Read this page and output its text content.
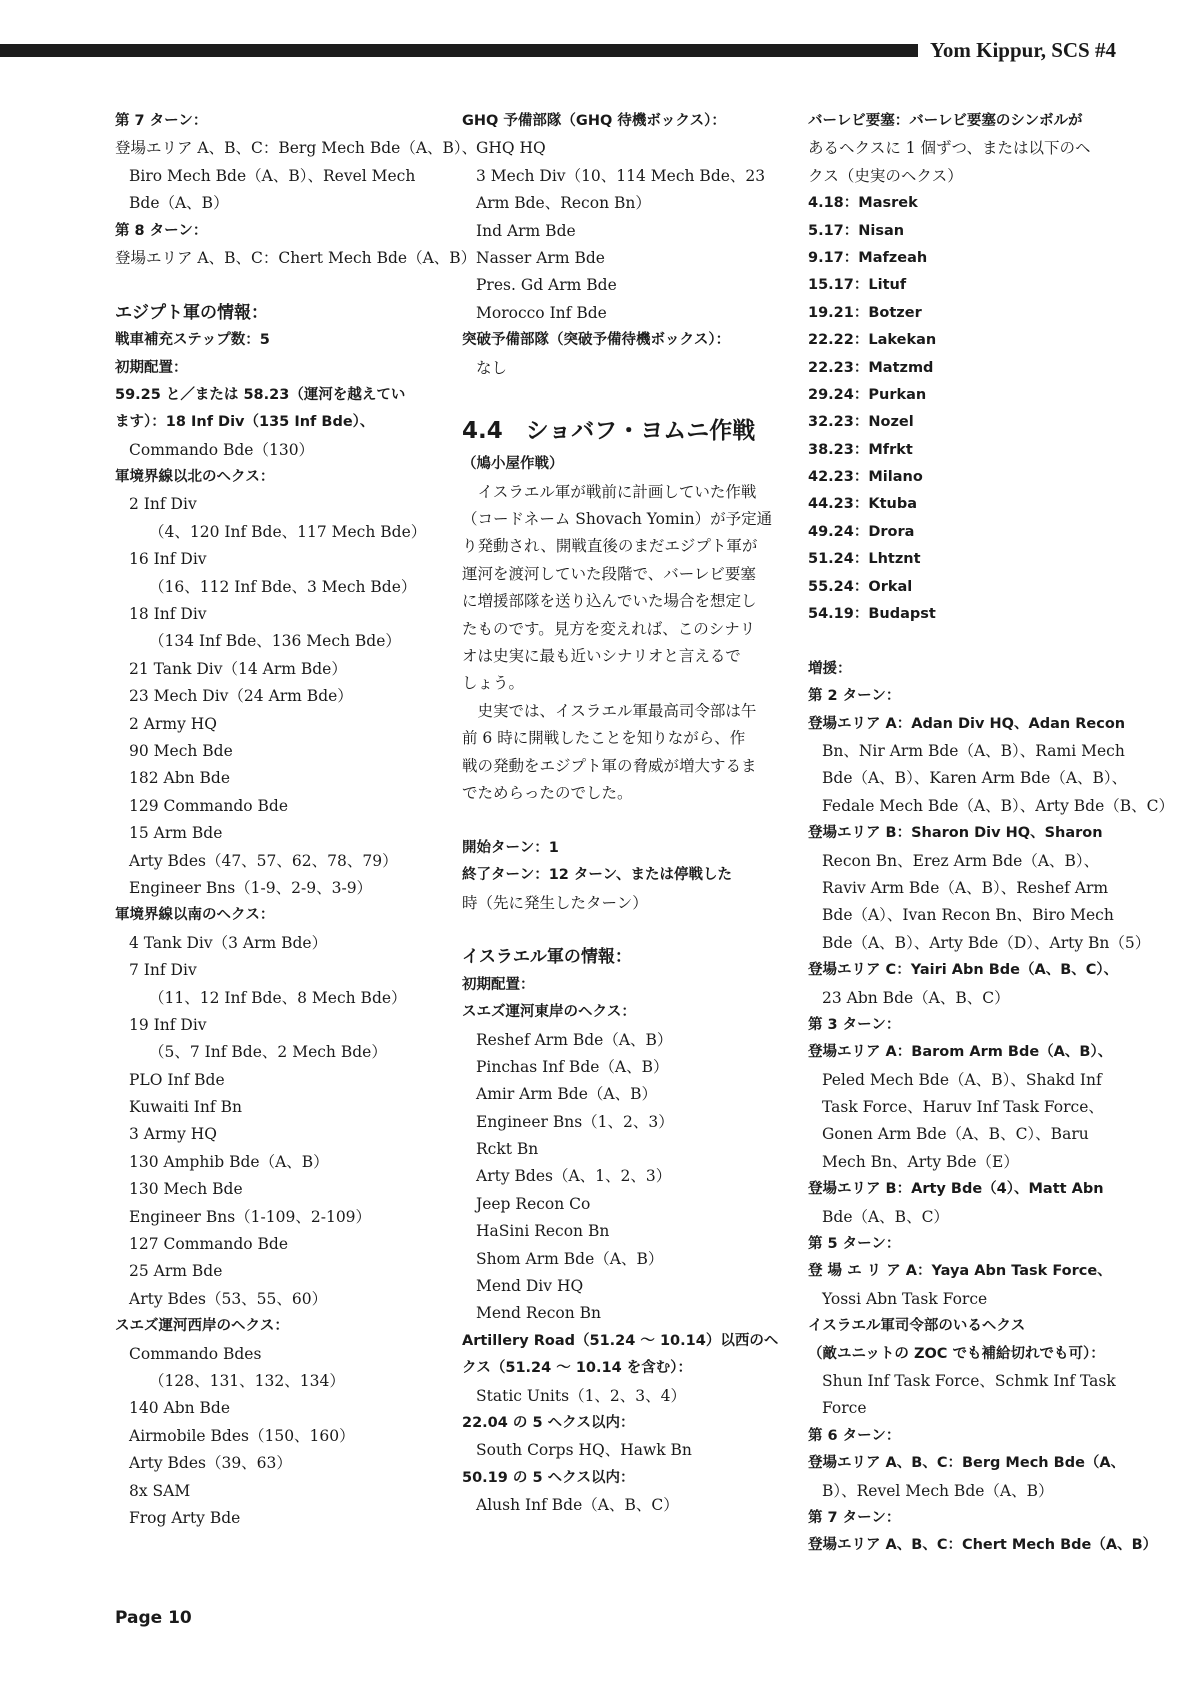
Yom Kippur, SCS #4
第 7 ターン：
登場エリア A、B、C：Berg Mech Bde（A、B）、
Biro Mech Bde（A、B）、Revel Mech
Bde（A、B）
第 8 ターン：
登場エリア A、B、C：Chert Mech Bde（A、B）
エジプト軍の情報：
戦車補充ステップ数：5
初期配置：
59.25 と／または 58.23（運河を越えてい
ます）：18 Inf Div（135 Inf Bde）、
Commando Bde（130）
軍境界線以北のヘクス：
2 Inf Div
（4、120 Inf Bde、117 Mech Bde）
16 Inf Div
（16、112 Inf Bde、3 Mech Bde）
18 Inf Div
（134 Inf Bde、136 Mech Bde）
21 Tank Div（14 Arm Bde）
23 Mech Div（24 Arm Bde）
2 Army HQ
90 Mech Bde
182 Abn Bde
129 Commando Bde
15 Arm Bde
Arty Bdes（47、57、62、78、79）
Engineer Bns（1-9、2-9、3-9）
軍境界線以南のヘクス：
4 Tank Div（3 Arm Bde）
7 Inf Div
（11、12 Inf Bde、8 Mech Bde）
19 Inf Div
（5、7 Inf Bde、2 Mech Bde）
PLO Inf Bde
Kuwaiti Inf Bn
3 Army HQ
130 Amphib Bde（A、B）
130 Mech Bde
Engineer Bns（1-109、2-109）
127 Commando Bde
25 Arm Bde
Arty Bdes（53、55、60）
スエズ運河西岸のヘクス：
Commando Bdes
（128、131、132、134）
140 Abn Bde
Airmobile Bdes（150、160）
Arty Bdes（39、63）
8x SAM
Frog Arty Bde
GHQ 予備部隊（GHQ 待機ボックス）：
GHQ HQ
3 Mech Div（10、114 Mech Bde、23
Arm Bde、Recon Bn）
Ind Arm Bde
Nasser Arm Bde
Pres. Gd Arm Bde
Morocco Inf Bde
突破予備部隊（突破予備待機ボックス）：
なし
4.4　ショバフ・ヨムニ作戦
（鳩小屋作戦）
　イスラエル軍が戦前に計画していた作戦
（コードネーム Shovach Yomin）が予定通
り発動され、開戦直後のまだエジプト軍が
運河を渡河していた段階で、バーレビ要塞
に増援部隊を送り込んでいた場合を想定し
たものです。見方を変えれば、このシナリ
オは史実に最も近いシナリオと言えるで
しょう。
　史実では、イスラエル軍最高司令部は午
前 6 時に開戦したことを知りながら、作
戦の発動をエジプト軍の脅威が増大するま
でためらったのでした。
開始ターン：1
終了ターン：12 ターン、または停戦した
時（先に発生したターン）
イスラエル軍の情報：
初期配置：
スエズ運河東岸のヘクス：
Reshef Arm Bde（A、B）
Pinchas Inf Bde（A、B）
Amir Arm Bde（A、B）
Engineer Bns（1、2、3）
Rckt Bn
Arty Bdes（A、1、2、3）
Jeep Recon Co
HaSini Recon Bn
Shom Arm Bde（A、B）
Mend Div HQ
Mend Recon Bn
Artillery Road（51.24 ～ 10.14）以西のヘ
クス（51.24 ～ 10.14 を含む）：
Static Units（1、2、3、4）
22.04 の 5 ヘクス以内：
South Corps HQ、Hawk Bn
50.19 の 5 ヘクス以内：
Alush Inf Bde（A、B、C）
バーレビ要塞：バーレビ要塞のシンボルが
あるヘクスに 1 個ずつ、または以下のヘ
クス（史実のヘクス）
4.18：Masrek
5.17：Nisan
9.17：Mafzeah
15.17：Lituf
19.21：Botzer
22.22：Lakekan
22.23：Matzmd
29.24：Purkan
32.23：Nozel
38.23：Mfrkt
42.23：Milano
44.23：Ktuba
49.24：Drora
51.24：Lhtznt
55.24：Orkal
54.19：Budapst
増援：
第 2 ターン：
登場エリア A：Adan Div HQ、Adan Recon
Bn、Nir Arm Bde（A、B）、Rami Mech
Bde（A、B）、Karen Arm Bde（A、B）、
Fedale Mech Bde（A、B）、Arty Bde（B、C）
登場エリア B：Sharon Div HQ、Sharon
Recon Bn、Erez Arm Bde（A、B）、
Raviv Arm Bde（A、B）、Reshef Arm
Bde（A）、Ivan Recon Bn、Biro Mech
Bde（A、B）、Arty Bde（D）、Arty Bn（5）
登場エリア C：Yairi Abn Bde（A、B、C）、
23 Abn Bde（A、B、C）
第 3 ターン：
登場エリア A：Barom Arm Bde（A、B）、
Peled Mech Bde（A、B）、Shakd Inf
Task Force、Haruv Inf Task Force、
Gonen Arm Bde（A、B、C）、Baru
Mech Bn、Arty Bde（E）
登場エリア B：Arty Bde（4）、Matt Abn
Bde（A、B、C）
第 5 ターン：
登 場 エ リ ア A：Yaya Abn Task Force、
Yossi Abn Task Force
イスラエル軍司令部のいるヘクス
（敵ユニットの ZOC でも補給切れでも可）：
Shun Inf Task Force、Schmk Inf Task
Force
第 6 ターン：
登場エリア A、B、C：Berg Mech Bde（A、
B）、Revel Mech Bde（A、B）
第 7 ターン：
登場エリア A、B、C：Chert Mech Bde（A、B）
Page 10
